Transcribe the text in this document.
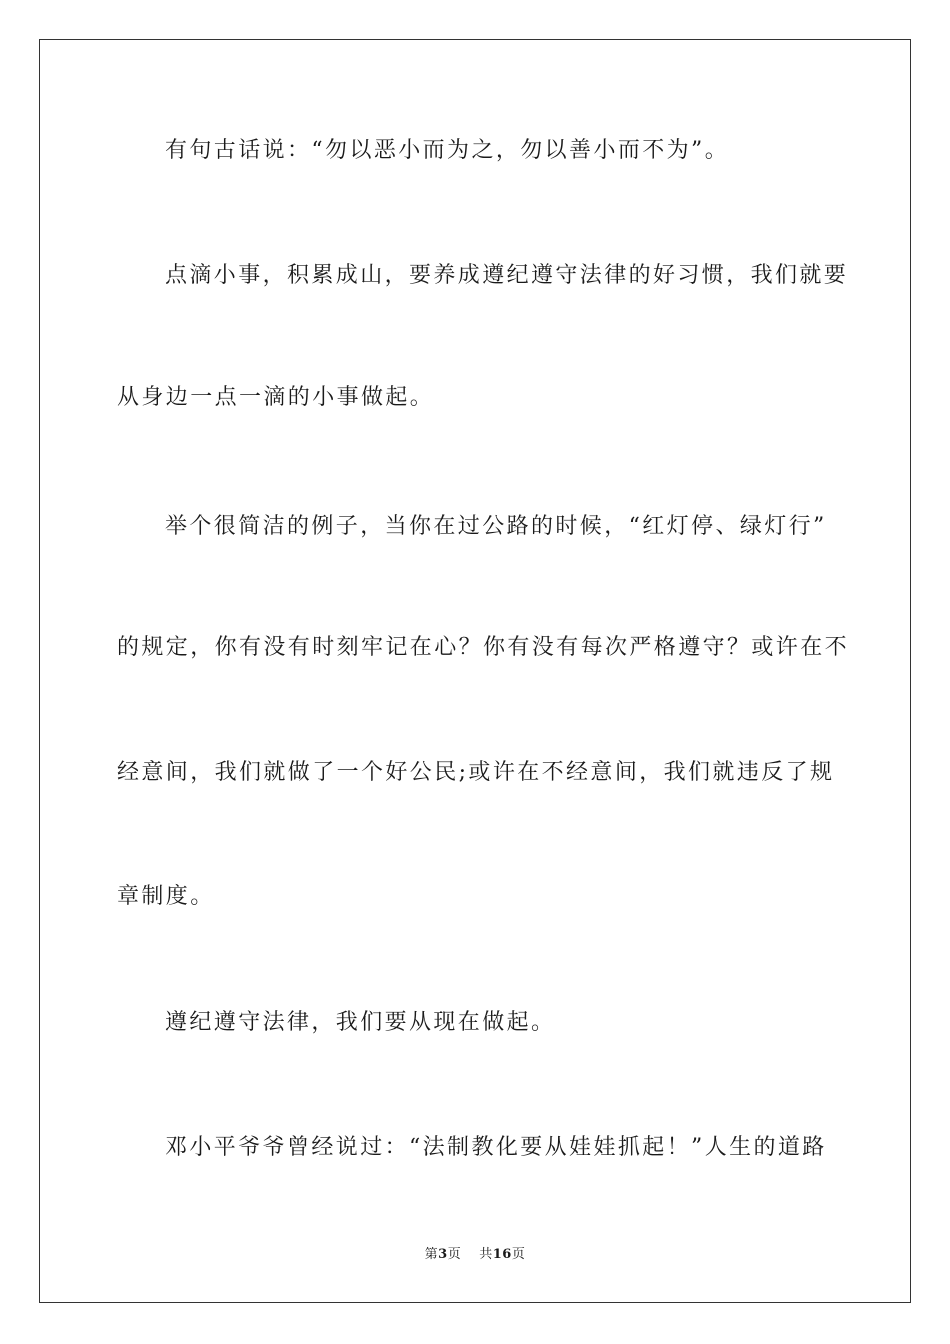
有句古话说：“勿以恶小而为之，勿以善小而不为”。
点滴小事，积累成山，要养成遵纪遵守法律的好习惯，我们就要
从身边一点一滴的小事做起。
举个很简洁的例子，当你在过公路的时候，“红灯停、绿灯行”
的规定，你有没有时刻牢记在心？你有没有每次严格遵守？或许在不
经意间，我们就做了一个好公民;或许在不经意间，我们就违反了规
章制度。
遵纪遵守法律，我们要从现在做起。
邓小平爷爷曾经说过：“法制教化要从娃娃抓起！”人生的道路
第3页 共16页
